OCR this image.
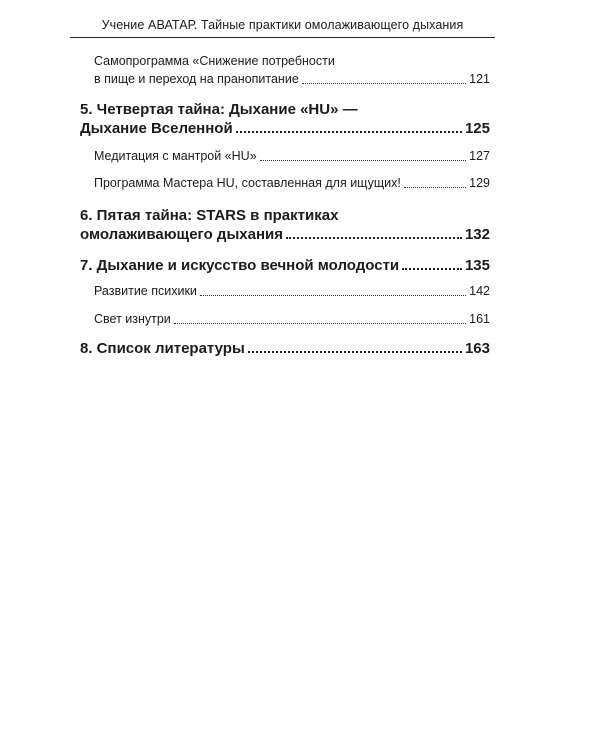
Учение АВАТАР. Тайные практики омолаживающего дыхания
Самопрограмма «Снижение потребности
в пище и переход на пранопитание	121
5. Четвертая тайна: Дыхание «HU» —
Дыхание Вселенной	125
Медитация с мантрой «HU»	127
Программа Мастера HU, составленная для ищущих!	129
6. Пятая тайна: STARS в практиках
омолаживающего дыхания	132
7. Дыхание и искусство вечной молодости	135
Развитие психики	142
Свет изнутри	161
8. Список литературы	163
